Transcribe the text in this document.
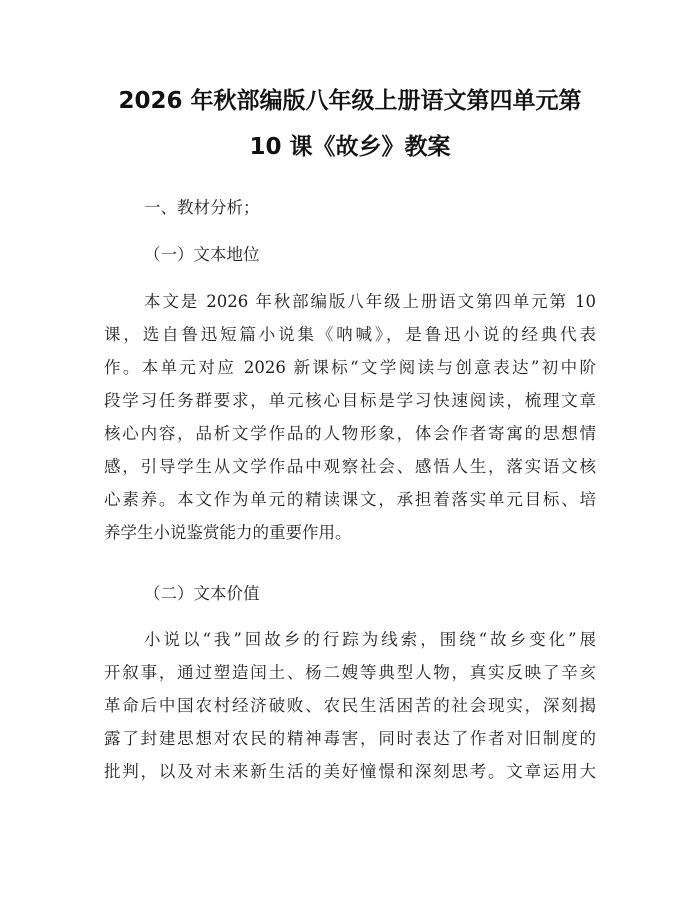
2026 年秋部编版八年级上册语文第四单元第
10 课《故乡》教案
一、教材分析；
（一）文本地位
本文是 2026 年秋部编版八年级上册语文第四单元第 10
课，选自鲁迅短篇小说集《呐喊》，是鲁迅小说的经典代表
作。本单元对应 2026 新课标“文学阅读与创意表达”初中阶
段学习任务群要求，单元核心目标是学习快速阅读，梳理文章
核心内容，品析文学作品的人物形象，体会作者寄寓的思想情
感，引导学生从文学作品中观察社会、感悟人生，落实语文核
心素养。本文作为单元的精读课文，承担着落实单元目标、培
养学生小说鉴赏能力的重要作用。
（二）文本价值
小说以“我”回故乡的行踪为线索，围绕“故乡变化”展
开叙事，通过塑造闰土、杨二嫂等典型人物，真实反映了辛亥
革命后中国农村经济破败、农民生活困苦的社会现实，深刻揭
露了封建思想对农民的精神毒害，同时表达了作者对旧制度的
批判，以及对未来新生活的美好憧憬和深刻思考。文章运用大
